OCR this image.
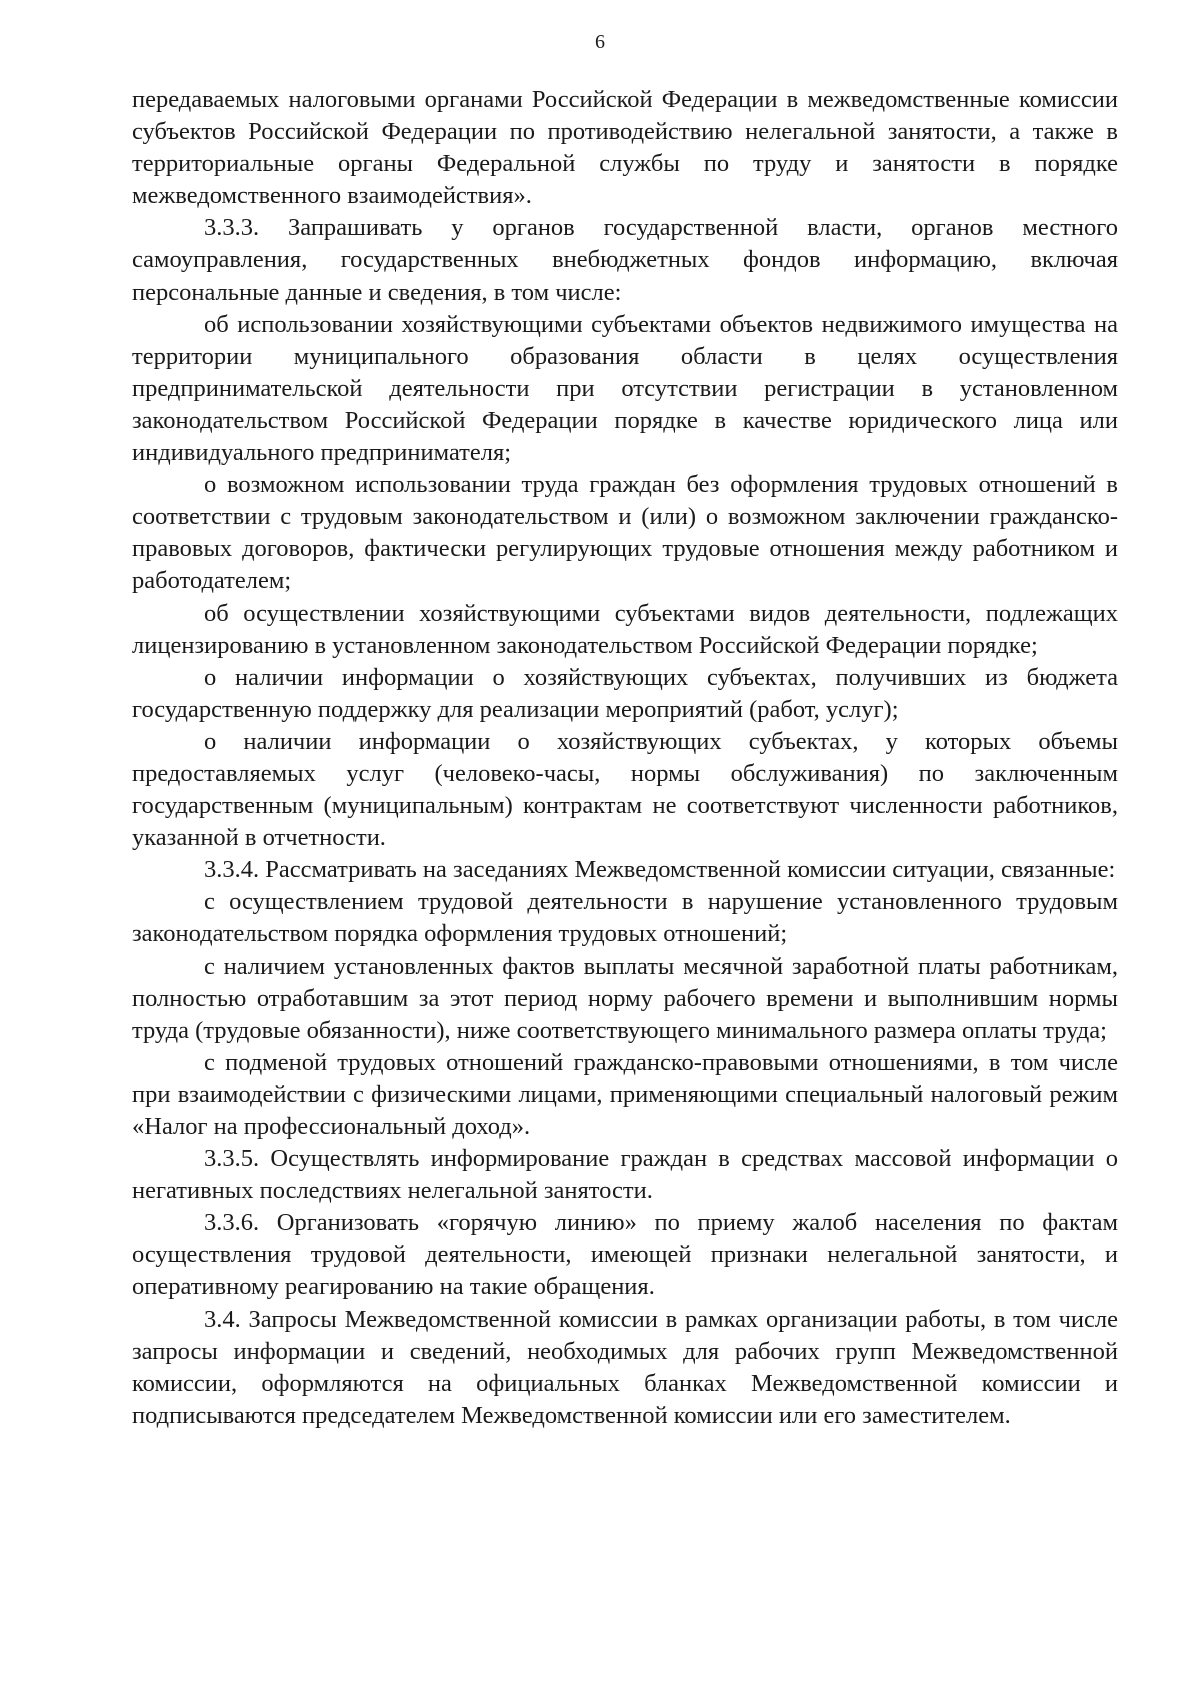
6

передаваемых налоговыми органами Российской Федерации в межведомственные комиссии субъектов Российской Федерации по противодействию нелегальной занятости, а также в территориальные органы Федеральной службы по труду и занятости в порядке межведомственного взаимодействия».

3.3.3. Запрашивать у органов государственной власти, органов местного самоуправления, государственных внебюджетных фондов информацию, включая персональные данные и сведения, в том числе:

об использовании хозяйствующими субъектами объектов недвижимого имущества на территории муниципального образования области в целях осуществления предпринимательской деятельности при отсутствии регистрации в установленном законодательством Российской Федерации порядке в качестве юридического лица или индивидуального предпринимателя;

о возможном использовании труда граждан без оформления трудовых отношений в соответствии с трудовым законодательством и (или) о возможном заключении гражданско-правовых договоров, фактически регулирующих трудовые отношения между работником и работодателем;

об осуществлении хозяйствующими субъектами видов деятельности, подлежащих лицензированию в установленном законодательством Российской Федерации порядке;

о наличии информации о хозяйствующих субъектах, получивших из бюджета государственную поддержку для реализации мероприятий (работ, услуг);

о наличии информации о хозяйствующих субъектах, у которых объемы предоставляемых услуг (человеко-часы, нормы обслуживания) по заключенным государственным (муниципальным) контрактам не соответствуют численности работников, указанной в отчетности.

3.3.4. Рассматривать на заседаниях Межведомственной комиссии ситуации, связанные:

с осуществлением трудовой деятельности в нарушение установленного трудовым законодательством порядка оформления трудовых отношений;

с наличием установленных фактов выплаты месячной заработной платы работникам, полностью отработавшим за этот период норму рабочего времени и выполнившим нормы труда (трудовые обязанности), ниже соответствующего минимального размера оплаты труда;

с подменой трудовых отношений гражданско-правовыми отношениями, в том числе при взаимодействии с физическими лицами, применяющими специальный налоговый режим «Налог на профессиональный доход».

3.3.5. Осуществлять информирование граждан в средствах массовой информации о негативных последствиях нелегальной занятости.

3.3.6. Организовать «горячую линию» по приему жалоб населения по фактам осуществления трудовой деятельности, имеющей признаки нелегальной занятости, и оперативному реагированию на такие обращения.

3.4. Запросы Межведомственной комиссии в рамках организации работы, в том числе запросы информации и сведений, необходимых для рабочих групп Межведомственной комиссии, оформляются на официальных бланках Межведомственной комиссии и подписываются председателем Межведомственной комиссии или его заместителем.
